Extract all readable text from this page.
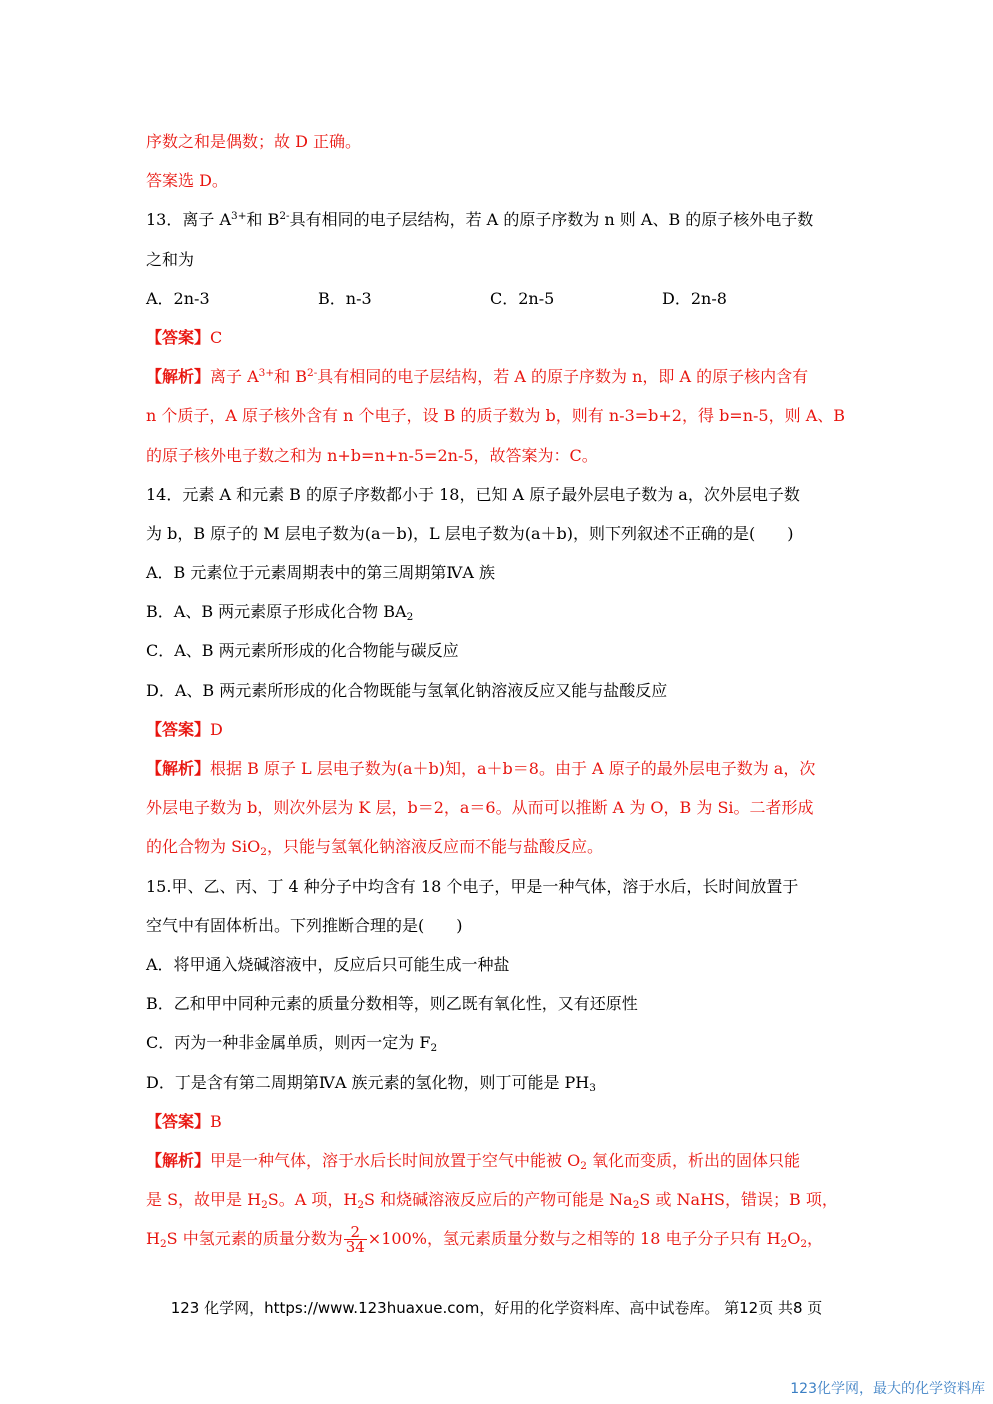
序数之和是偶数；故 D 正确。
答案选 D。
13．离子 $A^{3+}$和 $B^{2-}$具有相同的电子层结构，若 A 的原子序数为 n 则 A、B 的原子核外电子数
之和为
A．2n-3	B．n-3	C．2n-5	D．2n-8
【答案】C
【解析】离子 $A^{3+}$和 $B^{2-}$具有相同的电子层结构，若 A 的原子序数为 n，即 A 的原子核内含有
n 个质子，A 原子核外含有 n 个电子，设 B 的质子数为 b，则有 n-3=b+2，得 b=n-5，则 A、B
的原子核外电子数之和为 n+b=n+n-5=2n-5，故答案为：C。
14．元素 A 和元素 B 的原子序数都小于 18，已知 A 原子最外层电子数为 a，次外层电子数
为 b，B 原子的 M 层电子数为(a－b)，L 层电子数为(a＋b)，则下列叙述不正确的是(　　)
A．B 元素位于元素周期表中的第三周期第ⅣA 族
B．A、B 两元素原子形成化合物 $BA_2$
C．A、B 两元素所形成的化合物能与碳反应
D．A、B 两元素所形成的化合物既能与氢氧化钠溶液反应又能与盐酸反应
【答案】D
【解析】根据 B 原子 L 层电子数为(a＋b)知，a＋b＝8。由于 A 原子的最外层电子数为 a，次
外层电子数为 b，则次外层为 K 层，b＝2，a＝6。从而可以推断 A 为 O，B 为 Si。二者形成
的化合物为 SiO$_2$，只能与氢氧化钠溶液反应而不能与盐酸反应。
15.甲、乙、丙、丁 4 种分子中均含有 18 个电子，甲是一种气体，溶于水后，长时间放置于
空气中有固体析出。下列推断合理的是(　　)
A．将甲通入烧碱溶液中，反应后只可能生成一种盐
B．乙和甲中同种元素的质量分数相等，则乙既有氧化性，又有还原性
C．丙为一种非金属单质，则丙一定为 $F_2$
D．丁是含有第二周期第ⅣA 族元素的氢化物，则丁可能是 $PH_3$
【答案】B
【解析】甲是一种气体，溶于水后长时间放置于空气中能被 $O_2$ 氧化而变质，析出的固体只能
是 S，故甲是 $H_2S$。A 项，$H_2S$ 和烧碱溶液反应后的产物可能是 $Na_2S$ 或 NaHS，错误；B 项，
$H_2S$ 中氢元素的质量分数为 $\frac{2}{34} \times 100\%$，氢元素质量分数与之相等的 18 电子分子只有 $H_2O_2$，
123 化学网，https://www.123huaxue.com，好用的化学资料库、高中试卷库。 第12页 共8 页
123化学网，最大的化学资料库
